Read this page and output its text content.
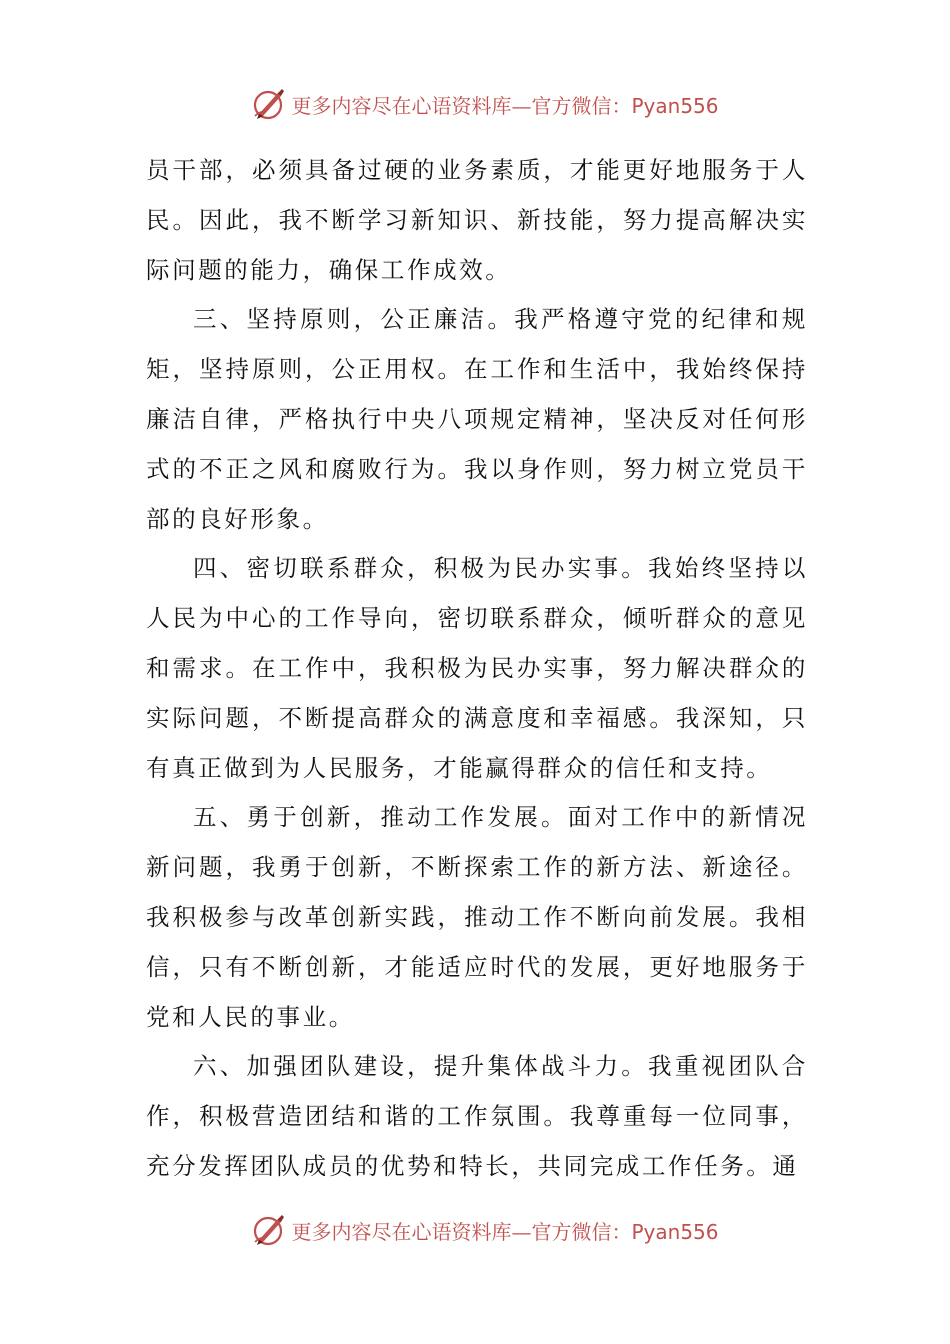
更多内容尽在心语资料库—官方微信：Pyan556

员干部，必须具备过硬的业务素质，才能更好地服务于人民。因此，我不断学习新知识、新技能，努力提高解决实际问题的能力，确保工作成效。

三、坚持原则，公正廉洁。我严格遵守党的纪律和规矩，坚持原则，公正用权。在工作和生活中，我始终保持廉洁自律，严格执行中央八项规定精神，坚决反对任何形式的不正之风和腐败行为。我以身作则，努力树立党员干部的良好形象。

四、密切联系群众，积极为民办实事。我始终坚持以人民为中心的工作导向，密切联系群众，倾听群众的意见和需求。在工作中，我积极为民办实事，努力解决群众的实际问题，不断提高群众的满意度和幸福感。我深知，只有真正做到为人民服务，才能赢得群众的信任和支持。

五、勇于创新，推动工作发展。面对工作中的新情况新问题，我勇于创新，不断探索工作的新方法、新途径。我积极参与改革创新实践，推动工作不断向前发展。我相信，只有不断创新，才能适应时代的发展，更好地服务于党和人民的事业。

六、加强团队建设，提升集体战斗力。我重视团队合作，积极营造团结和谐的工作氛围。我尊重每一位同事，充分发挥团队成员的优势和特长，共同完成工作任务。通

更多内容尽在心语资料库—官方微信：Pyan556
